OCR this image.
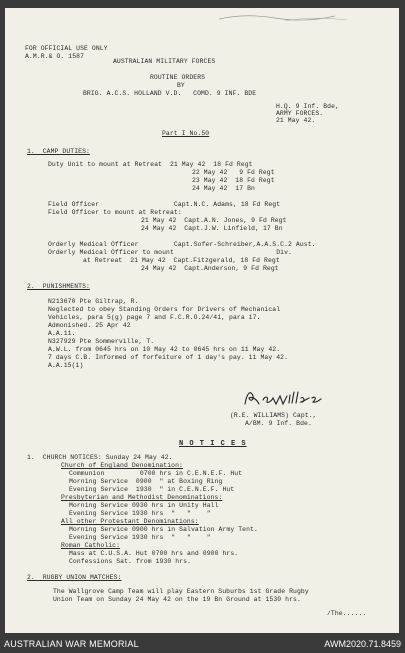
FOR OFFICIAL USE ONLY
A.M.R.& O. 1587
AUSTRALIAN MILITARY FORCES
ROUTINE ORDERS
BY
BRIG. A.C.S. HOLLAND V.D.   COMD. 9 INF. BDE
H.Q. 9 Inf. Bde,
ARMY FORCES.
21 May 42.
Part I No.50
1.  CAMP DUTIES:
Duty Unit to mount at Retreat  21 May 42  18 Fd Regt
22 May 42   9 Fd Regt
23 May 42  18 Fd Regt
24 May 42  17 Bn
Field Officer                   Capt.N.C. Adams, 18 Fd Regt
Field Officer to mount at Retreat:
21 May 42  Capt.A.N. Jones, 9 Fd Regt
24 May 42  Capt.J.W. Linfield, 17 Bn
Orderly Medical Officer         Capt.Sofer-Schreiber,A.A.S.C.2 Aust.
Orderly Medical Officer to mount                          Div.
at Retreat  21 May 42  Capt.Fitzgerald, 18 Fd Regt
24 May 42  Capt.Anderson, 9 Fd Regt
2.  PUNISHMENTS:
N213670 Pte Giltrap, R.
Neglected to obey Standing Orders for Drivers of Mechanical
Vehicles, para 5(g) page 7 and F.C.R.O.24/41, para 17.
Admonished. 25 Apr 42
A.A.11.
N327929 Pte Sommerville, T.
A.W.L. from 0645 hrs on 10 May 42 to 0645 hrs on 11 May 42.
7 days C.B. Informed of forfeiture of 1 day's pay. 11 May 42.
A.A.15(1)
(R.E. WILLIAMS) Capt.,
A/BM. 9 Inf. Bde.
N O T I C E S
1.  CHURCH NOTICES: Sunday 24 May 42.
Church of England Denomination:
Communion         0700 hrs in C.E.N.E.F. Hut
Morning Service  0900  " at Boxing Ring
Evening Service  1930  " in C.E.N.E.F. Hut
Presbyterian and Methodist Denominations:
Morning Service 0930 hrs in Unity Hall
Evening Service 1930 hrs  "   "    "
All other Protestant Denominations:
Morning Service 0900 hrs in Salvation Army Tent.
Evening Service 1930 hrs  "   "    "
Roman Catholic:
Mass at C.U.S.A. Hut 0700 hrs and 0900 hrs.
Confessions Sat. from 1930 hrs.
2.  RUGBY UNION MATCHES:
The Wallgrove Camp Team will play Eastern Suburbs 1st Grade Rugby
Union Team on Sunday 24 May 42 on the 19 Bn Ground at 1530 hrs.
/The......
AUSTRALIAN WAR MEMORIAL	AWM2020.71.8459
